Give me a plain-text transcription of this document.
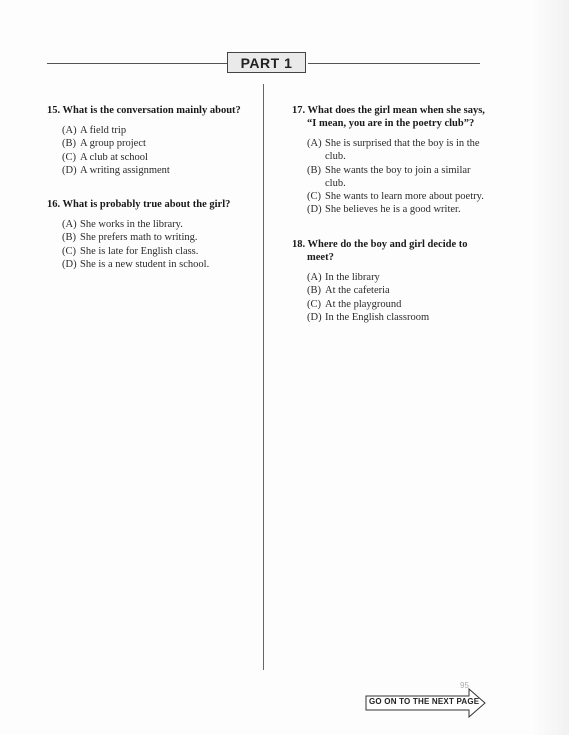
PART 1
15. What is the conversation mainly about?
(A) A field trip
(B) A group project
(C) A club at school
(D) A writing assignment
16. What is probably true about the girl?
(A) She works in the library.
(B) She prefers math to writing.
(C) She is late for English class.
(D) She is a new student in school.
17. What does the girl mean when she says,
“I mean, you are in the poetry club”?
(A) She is surprised that the boy is in the club.
(B) She wants the boy to join a similar club.
(C) She wants to learn more about poetry.
(D) She believes he is a good writer.
18. Where do the boy and girl decide to
meet?
(A) In the library
(B) At the cafeteria
(C) At the playground
(D) In the English classroom
95
GO ON TO THE NEXT PAGE
